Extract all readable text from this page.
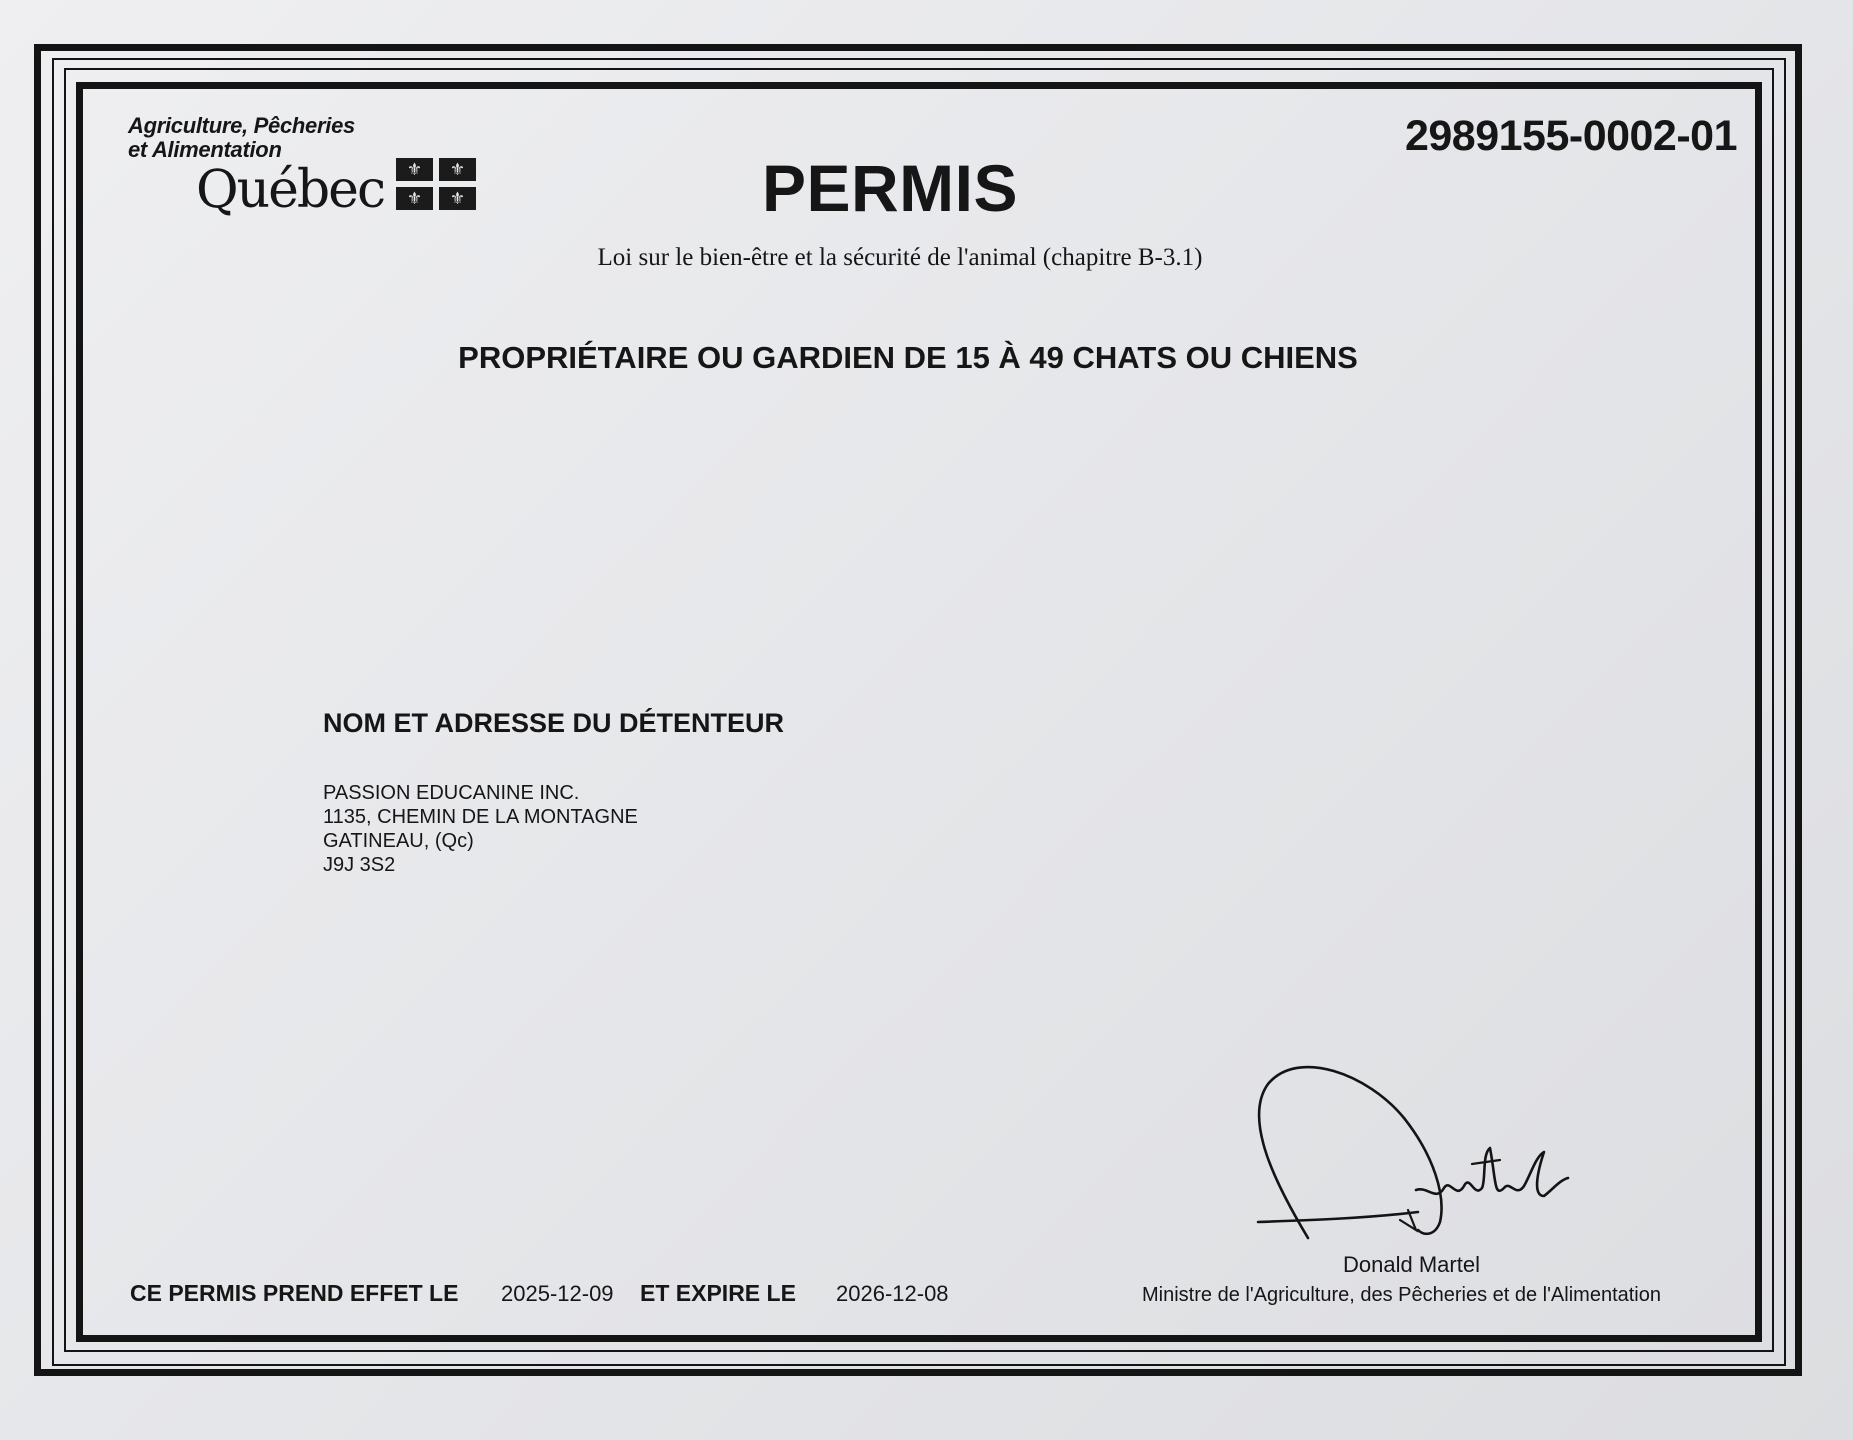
Agriculture, Pêcheries
et Alimentation
Québec	⚜	⚜
⚜	⚜
2989155-0002-01
PERMIS
Loi sur le bien-être et la sécurité de l'animal (chapitre B-3.1)
PROPRIÉTAIRE OU GARDIEN DE 15 À 49 CHATS OU CHIENS
NOM ET ADRESSE DU DÉTENTEUR
PASSION EDUCANINE INC.
1135, CHEMIN DE LA MONTAGNE
GATINEAU, (Qc)
J9J 3S2
CE PERMIS PREND EFFET LE 2025-12-09 ET EXPIRE LE 2026-12-08
Donald Martel
Ministre de l'Agriculture, des Pêcheries et de l'Alimentation
